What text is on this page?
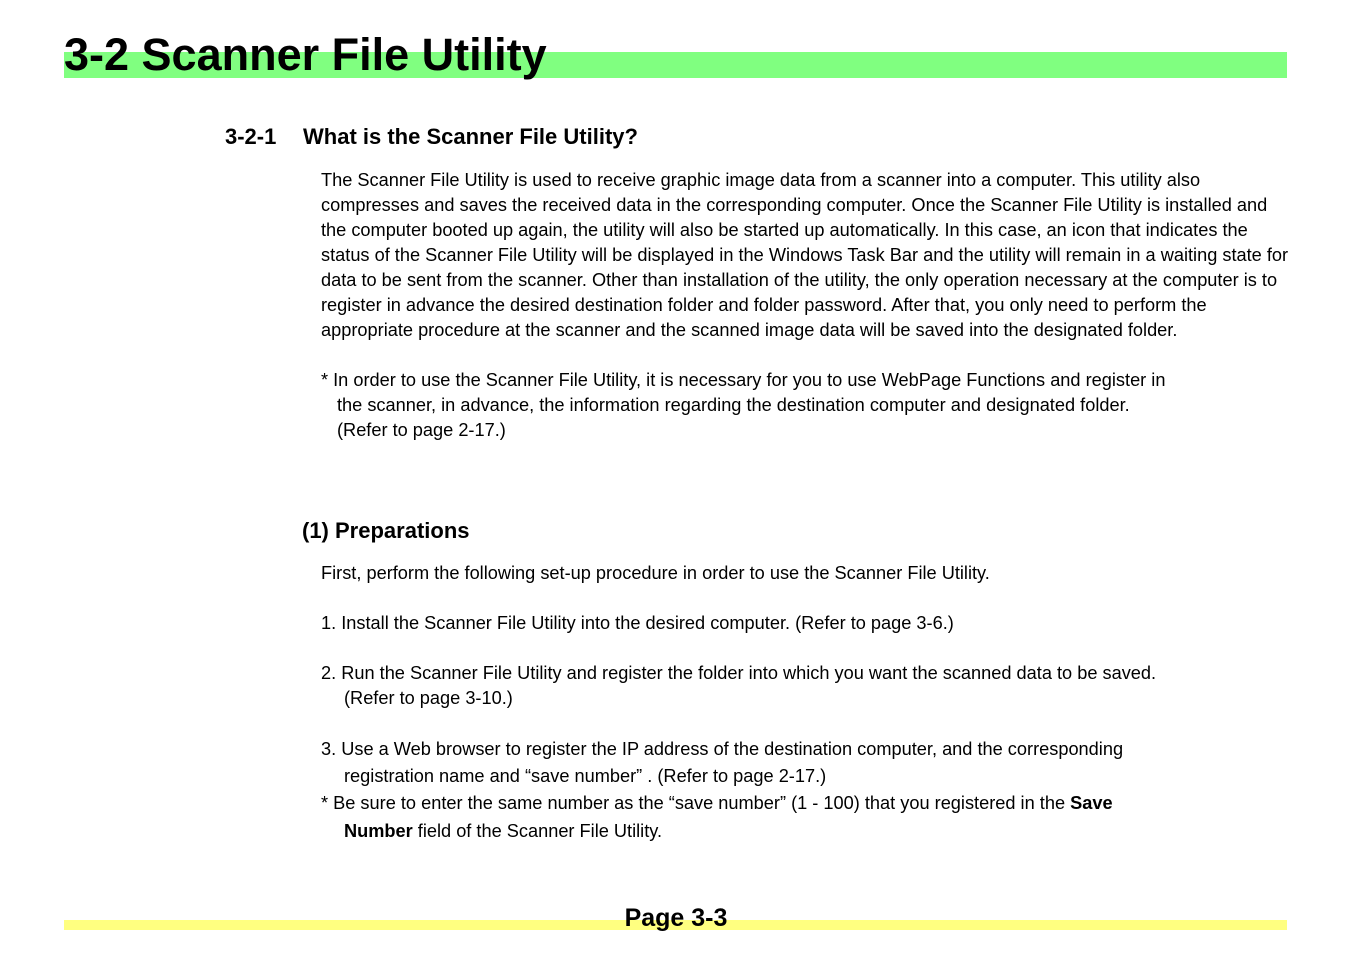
3-2 Scanner File Utility
3-2-1 What is the Scanner File Utility?

The Scanner File Utility is used to receive graphic image data from a scanner into a computer. This utility also compresses and saves the received data in the corresponding computer. Once the Scanner File Utility is installed and the computer booted up again, the utility will also be started up automatically. In this case, an icon that indicates the status of the Scanner File Utility will be displayed in the Windows Task Bar and the utility will remain in a waiting state for data to be sent from the scanner. Other than installation of the utility, the only operation necessary at the computer is to register in advance the desired destination folder and folder password. After that, you only need to perform the appropriate procedure at the scanner and the scanned image data will be saved into the designated folder.

* In order to use the Scanner File Utility, it is necessary for you to use WebPage Functions and register in
the scanner, in advance, the information regarding the destination computer and designated folder.
(Refer to page 2-17.)
(1) Preparations

First, perform the following set-up procedure in order to use the Scanner File Utility.

1. Install the Scanner File Utility into the desired computer. (Refer to page 3-6.)

2. Run the Scanner File Utility and register the folder into which you want the scanned data to be saved.

(Refer to page 3-10.)

3. Use a Web browser to register the IP address of the destination computer, and the corresponding

registration name and “save number” . (Refer to page 2-17.)

* Be sure to enter the same number as the “save number” (1 - 100) that you registered in the Save

Number field of the Scanner File Utility.

Page 3-3
